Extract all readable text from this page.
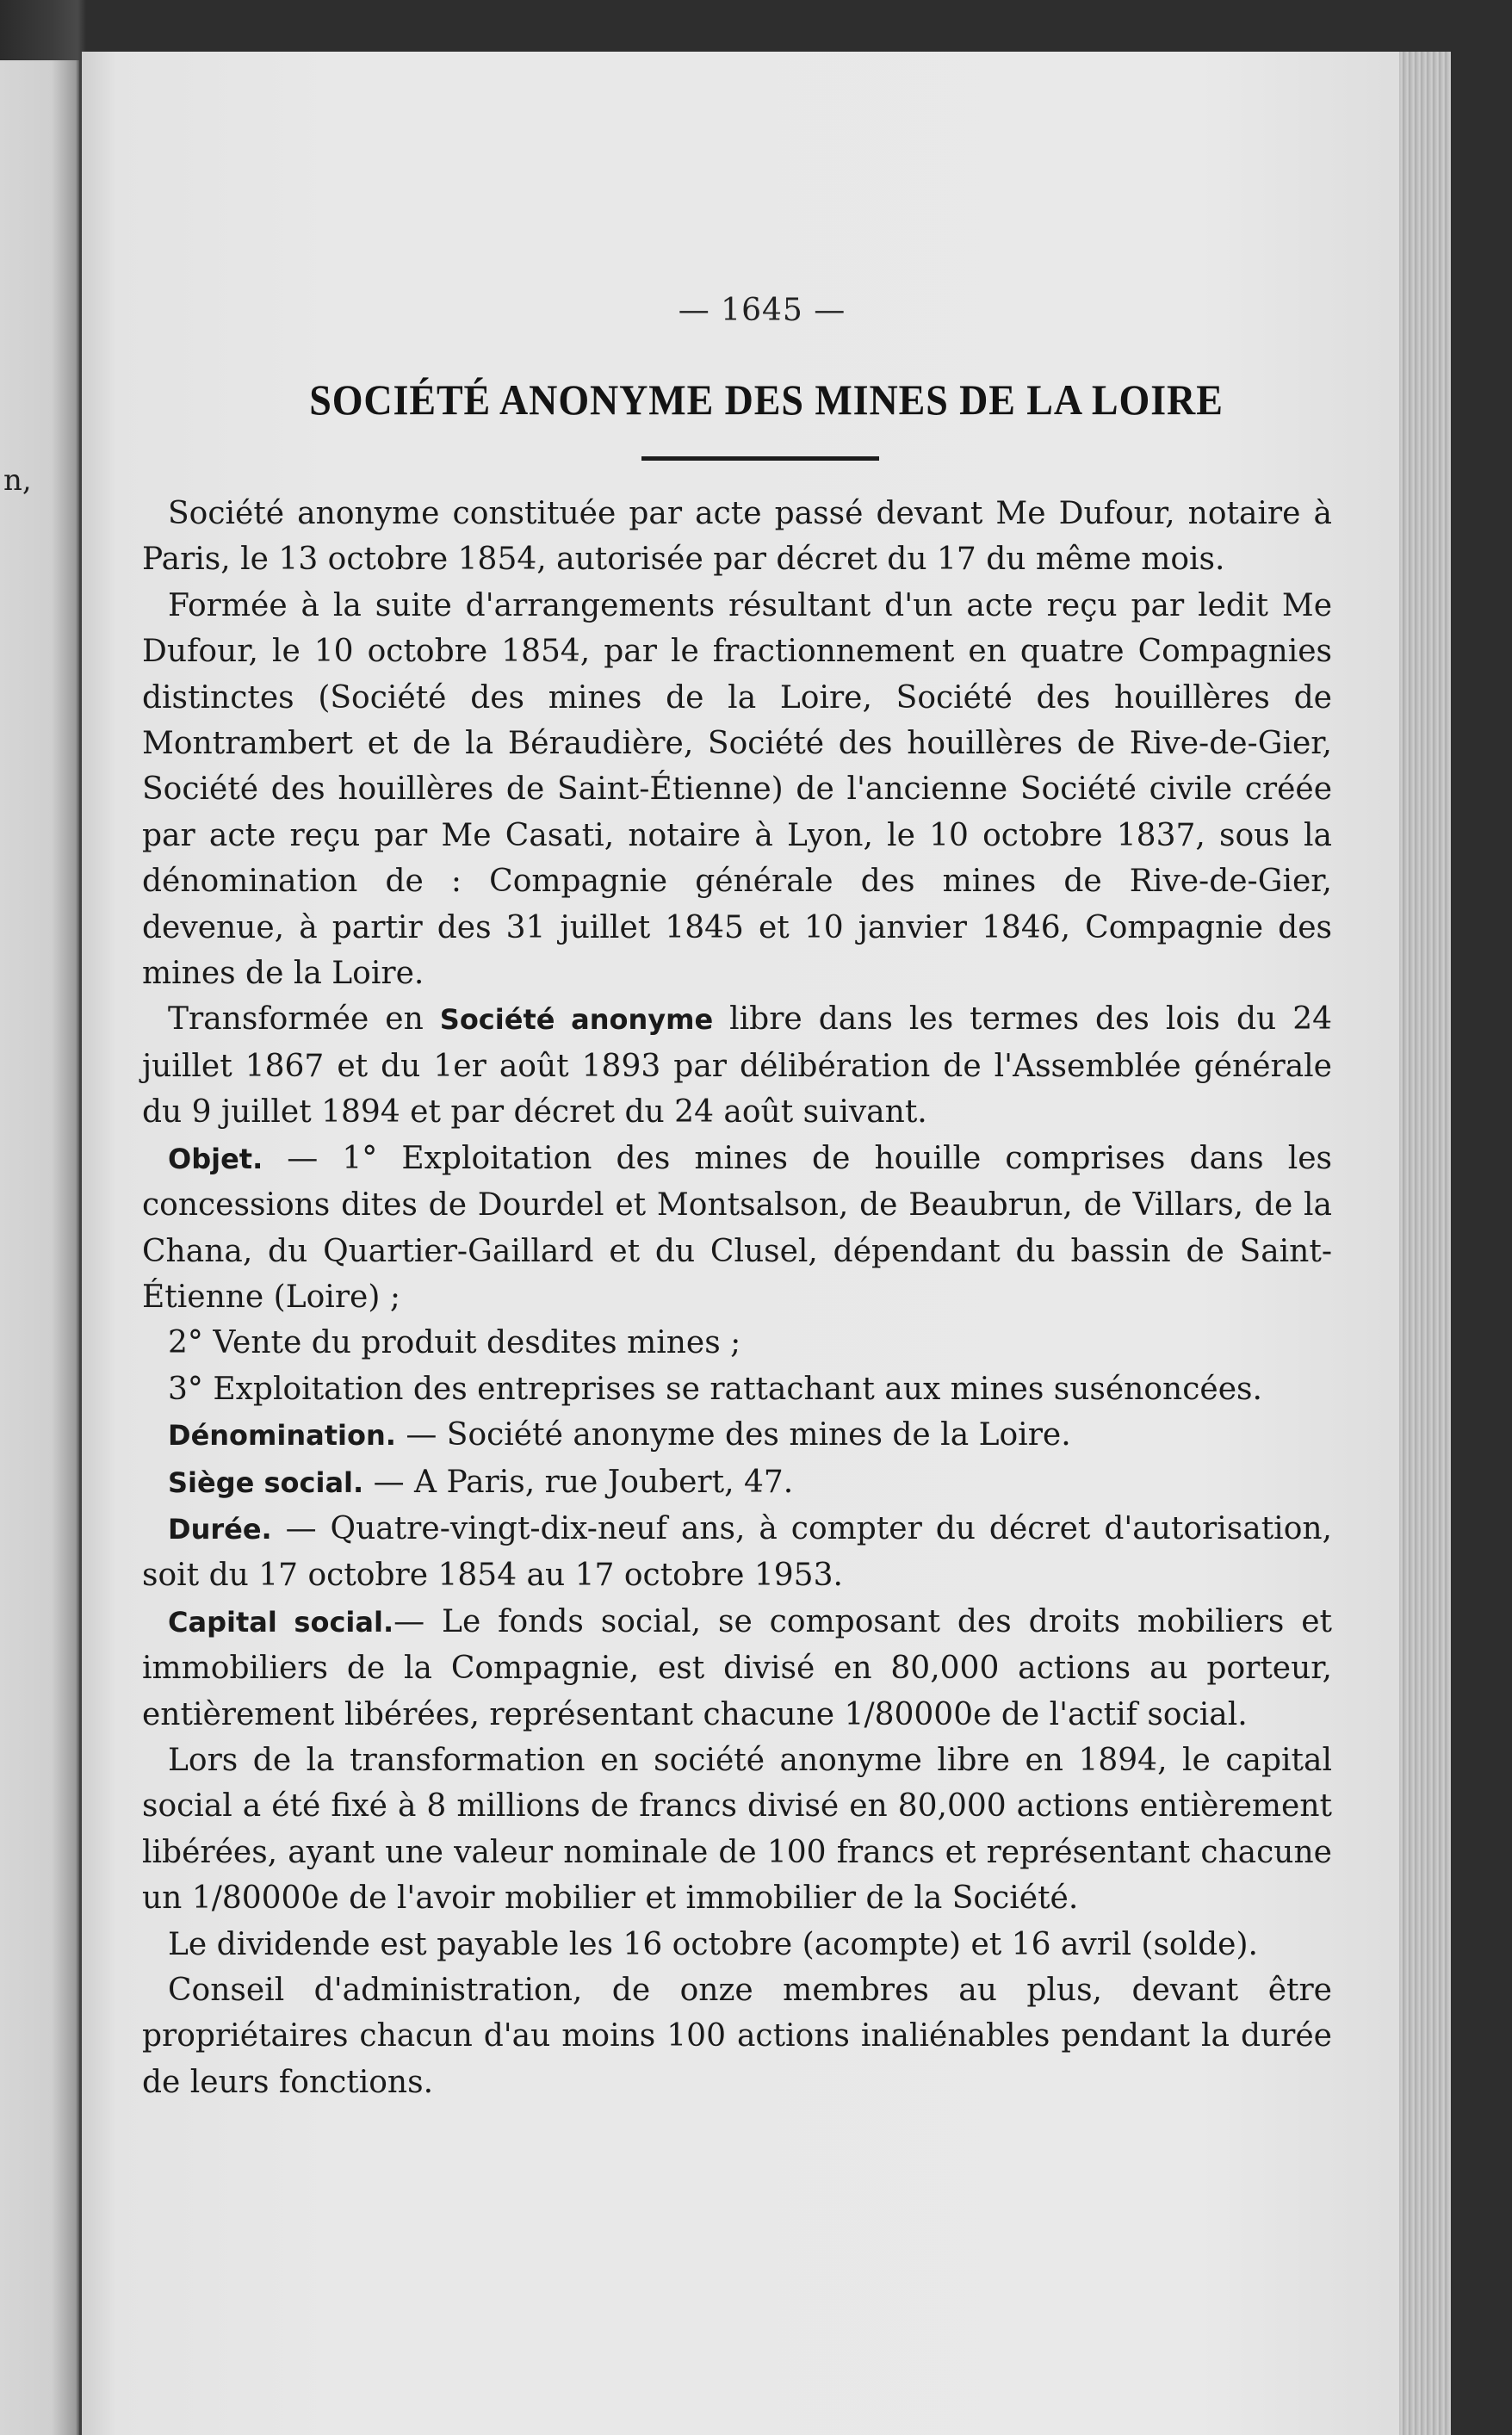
n,
— 1645 —
SOCIÉTÉ ANONYME DES MINES DE LA LOIRE

Société anonyme constituée par acte passé devant Me Dufour, notaire à Paris, le 13 octobre 1854, autorisée par décret du 17 du même mois.

Formée à la suite d'arrangements résultant d'un acte reçu par ledit Me Dufour, le 10 octobre 1854, par le fractionnement en quatre Compagnies distinctes (Société des mines de la Loire, Société des houillères de Montrambert et de la Béraudière, Société des houillères de Rive-de-Gier, Société des houillères de Saint-Étienne) de l'ancienne Société civile créée par acte reçu par Me Casati, notaire à Lyon, le 10 octobre 1837, sous la dénomination de : Compagnie générale des mines de Rive-de-Gier, devenue, à partir des 31 juillet 1845 et 10 janvier 1846, Compagnie des mines de la Loire.

Transformée en Société anonyme libre dans les termes des lois du 24 juillet 1867 et du 1er août 1893 par délibération de l'Assemblée générale du 9 juillet 1894 et par décret du 24 août suivant.

Objet. — 1° Exploitation des mines de houille comprises dans les concessions dites de Dourdel et Montsalson, de Beaubrun, de Villars, de la Chana, du Quartier-Gaillard et du Clusel, dépendant du bassin de Saint-Étienne (Loire) ;

2° Vente du produit desdites mines ;

3° Exploitation des entreprises se rattachant aux mines susénoncées.

Dénomination. — Société anonyme des mines de la Loire.

Siège social. — A Paris, rue Joubert, 47.

Durée. — Quatre-vingt-dix-neuf ans, à compter du décret d'autorisation, soit du 17 octobre 1854 au 17 octobre 1953.

Capital social.— Le fonds social, se composant des droits mobiliers et immobiliers de la Compagnie, est divisé en 80,000 actions au porteur, entièrement libérées, représentant chacune 1/80000e de l'actif social.

Lors de la transformation en société anonyme libre en 1894, le capital social a été fixé à 8 millions de francs divisé en 80,000 actions entièrement libérées, ayant une valeur nominale de 100 francs et représentant chacune un 1/80000e de l'avoir mobilier et immobilier de la Société.

Le dividende est payable les 16 octobre (acompte) et 16 avril (solde).

Conseil d'administration, de onze membres au plus, devant être propriétaires chacun d'au moins 100 actions inaliénables pendant la durée de leurs fonctions.
